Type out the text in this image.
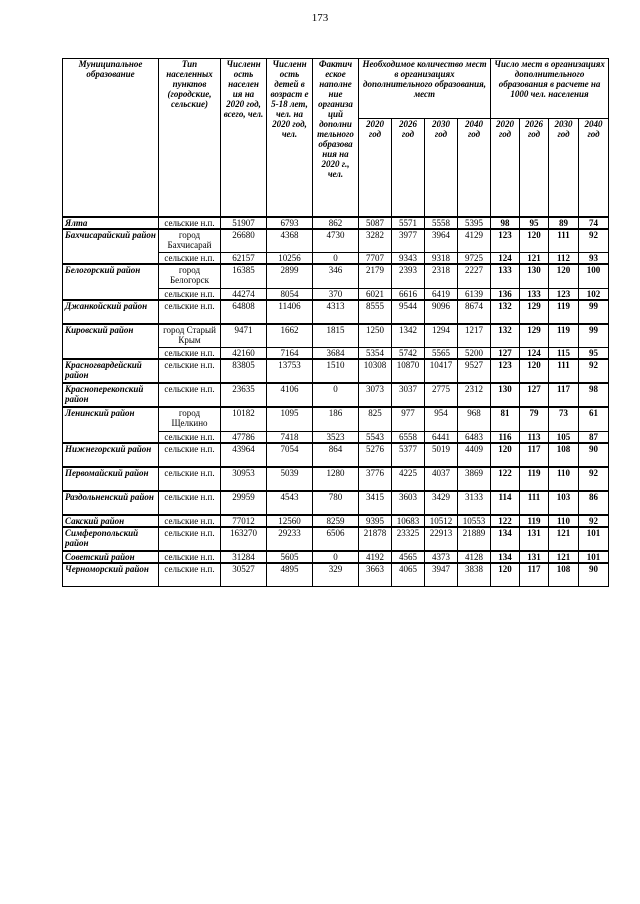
173
Муниципальное образование	Тип населенных пунктов (городские, сельские)	Численн ость населен ия на 2020 год, всего, чел.	Численн ость детей в возраст е 5-18 лет, чел. на 2020 год, чел.	Фактич еское наполне ние организа ций дополни тельного образова ния на 2020 г., чел.	Необходимое количество мест в организациях дополнительного образования, мест				Число мест в организациях дополнительного образования в расчете на 1000 чел. населения			
					2020 год	2026 год	2030 год	2040 год	2020 год	2026 год	2030 год	2040 год
Ялта	сельские н.п.	51907	6793	862	5087	5571	5558	5395	98	95	89	74
Бахчисарайский район	город Бахчисарай	26680	4368	4730	3282	3977	3964	4129	123	120	111	92
	сельские н.п.	62157	10256	0	7707	9343	9318	9725	124	121	112	93
Белогорский район	город Белогорск	16385	2899	346	2179	2393	2318	2227	133	130	120	100
	сельские н.п.	44274	8054	370	6021	6616	6419	6139	136	133	123	102
Джанкойский район	сельские н.п.	64808	11406	4313	8555	9544	9096	8674	132	129	119	99
Кировский район	город Старый Крым	9471	1662	1815	1250	1342	1294	1217	132	129	119	99
	сельские н.п.	42160	7164	3684	5354	5742	5565	5200	127	124	115	95
Красногвардейский район	сельские н.п.	83805	13753	1510	10308	10870	10417	9527	123	120	111	92
Красноперекопский район	сельские н.п.	23635	4106	0	3073	3037	2775	2312	130	127	117	98
Ленинский район	город Щелкино	10182	1095	186	825	977	954	968	81	79	73	61
	сельские н.п.	47786	7418	3523	5543	6558	6441	6483	116	113	105	87
Нижнегорский район	сельские н.п.	43964	7054	864	5276	5377	5019	4409	120	117	108	90
Первомайский район	сельские н.п.	30953	5039	1280	3776	4225	4037	3869	122	119	110	92
Раздольненский район	сельские н.п.	29959	4543	780	3415	3603	3429	3133	114	111	103	86
Сакский район	сельские н.п.	77012	12560	8259	9395	10683	10512	10553	122	119	110	92
Симферопольский район	сельские н.п.	163270	29233	6506	21878	23325	22913	21889	134	131	121	101
Советский район	сельские н.п.	31284	5605	0	4192	4565	4373	4128	134	131	121	101
Черноморский район	сельские н.п.	30527	4895	329	3663	4065	3947	3838	120	117	108	90
